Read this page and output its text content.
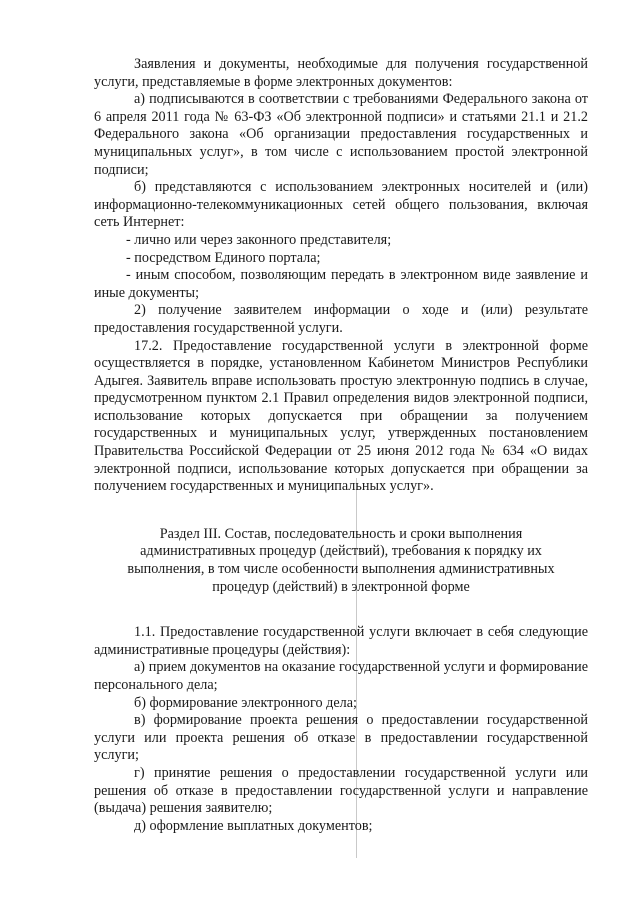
Заявления и документы, необходимые для получения государственной услуги, представляемые в форме электронных документов:

а) подписываются в соответствии с требованиями Федерального закона от 6 апреля 2011 года № 63-ФЗ «Об электронной подписи» и статьями 21.1 и 21.2 Федерального закона «Об организации предоставления государственных и муниципальных услуг», в том числе с использованием простой электронной подписи;

б) представляются с использованием электронных носителей и (или) информационно-телекоммуникационных сетей общего пользования, включая сеть Интернет:

- лично или через законного представителя;

- посредством Единого портала;

- иным способом, позволяющим передать в электронном виде заявление и иные документы;

2) получение заявителем информации о ходе и (или) результате предоставления государственной услуги.

17.2. Предоставление государственной услуги в электронной форме осуществляется в порядке, установленном Кабинетом Министров Республики Адыгея. Заявитель вправе использовать простую электронную подпись в случае, предусмотренном пунктом 2.1 Правил определения видов электронной подписи, использование которых допускается при обращении за получением государственных и муниципальных услуг, утвержденных постановлением Правительства Российской Федерации от 25 июня 2012 года № 634 «О видах электронной подписи, использование которых допускается при обращении за получением государственных и муниципальных услуг».

Раздел III. Состав, последовательность и сроки выполнения административных процедур (действий), требования к порядку их выполнения, в том числе особенности выполнения административных процедур (действий) в электронной форме

1.1. Предоставление государственной услуги включает в себя следующие административные процедуры (действия):

а) прием документов на оказание государственной услуги и формирование персонального дела;

б) формирование электронного дела;

в) формирование проекта решения о предоставлении государственной услуги или проекта решения об отказе в предоставлении государственной услуги;

г) принятие решения о предоставлении государственной услуги или решения об отказе в предоставлении государственной услуги и направление (выдача) решения заявителю;

д) оформление выплатных документов;
